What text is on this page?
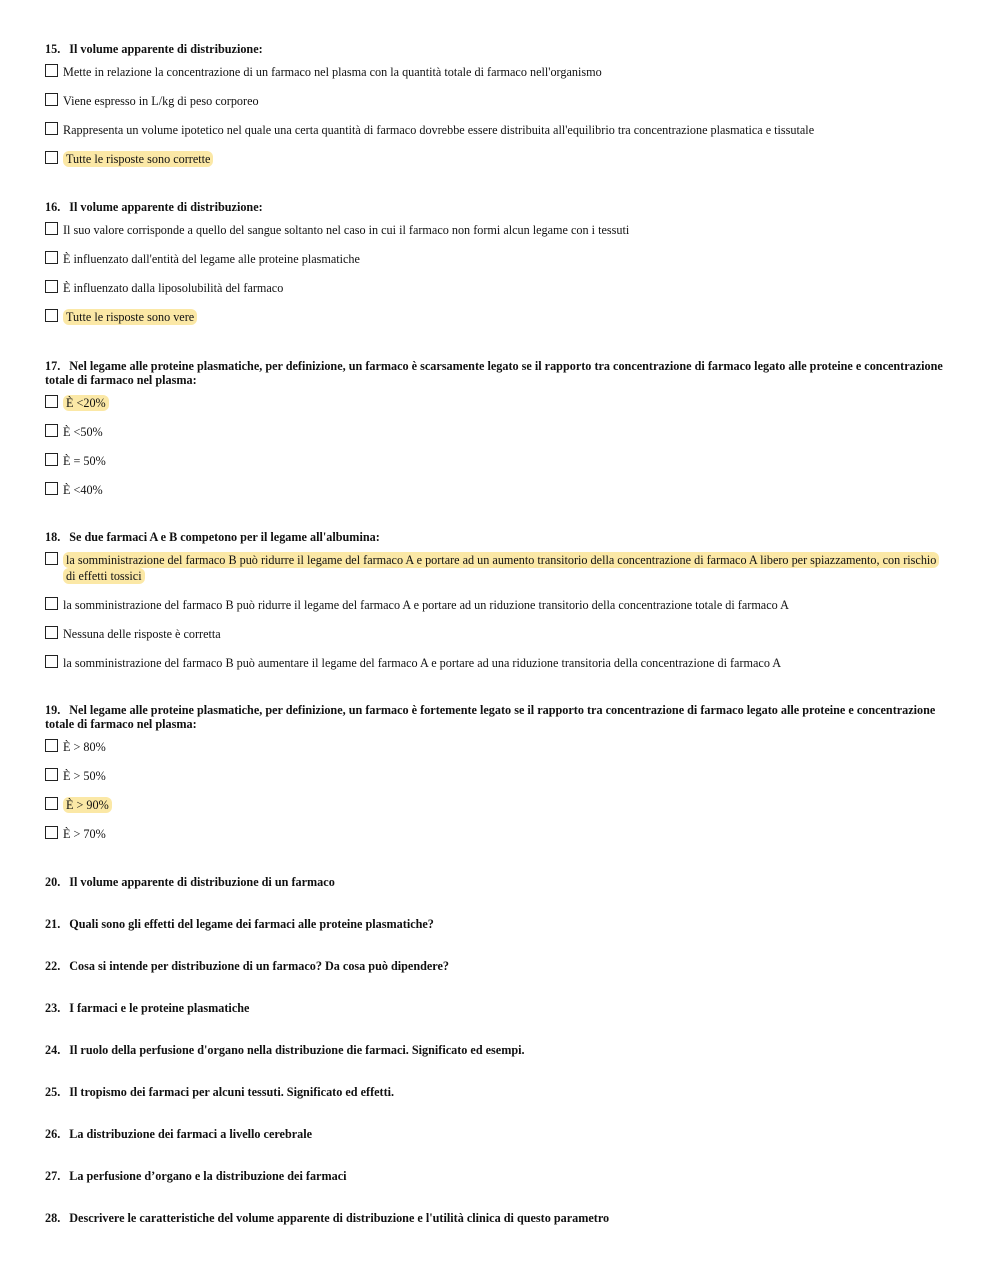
15. Il volume apparente di distribuzione:
Mette in relazione la concentrazione di un farmaco nel plasma con la quantità totale di farmaco nell'organismo
Viene espresso in L/kg di peso corporeo
Rappresenta un volume ipotetico nel quale una certa quantità di farmaco dovrebbe essere distribuita all'equilibrio tra concentrazione plasmatica e tissutale
Tutte le risposte sono corrette
16. Il volume apparente di distribuzione:
Il suo valore corrisponde a quello del sangue soltanto nel caso in cui il farmaco non formi alcun legame con i tessuti
È influenzato dall'entità del legame alle proteine plasmatiche
È influenzato dalla liposolubilità del farmaco
Tutte le risposte sono vere
17. Nel legame alle proteine plasmatiche, per definizione, un farmaco è scarsamente legato se il rapporto tra concentrazione di farmaco legato alle proteine e concentrazione totale di farmaco nel plasma:
È <20%
È <50%
È = 50%
È <40%
18. Se due farmaci A e B competono per il legame all'albumina:
la somministrazione del farmaco B può ridurre il legame del farmaco A e portare ad un aumento transitorio della concentrazione di farmaco A libero per spiazzamento, con rischio di effetti tossici
la somministrazione del farmaco B può ridurre il legame del farmaco A e portare ad un riduzione transitorio della concentrazione totale di farmaco A
Nessuna delle risposte è corretta
la somministrazione del farmaco B può aumentare il legame del farmaco A e portare ad una riduzione transitoria della concentrazione di farmaco A
19. Nel legame alle proteine plasmatiche, per definizione, un farmaco è fortemente legato se il rapporto tra concentrazione di farmaco legato alle proteine e concentrazione totale di farmaco nel plasma:
È > 80%
È > 50%
È > 90%
È > 70%
20. Il volume apparente di distribuzione di un farmaco
21. Quali sono gli effetti del legame dei farmaci alle proteine plasmatiche?
22. Cosa si intende per distribuzione di un farmaco? Da cosa può dipendere?
23. I farmaci e le proteine plasmatiche
24. Il ruolo della perfusione d'organo nella distribuzione die farmaci. Significato ed esempi.
25. Il tropismo dei farmaci per alcuni tessuti. Significato ed effetti.
26. La distribuzione dei farmaci a livello cerebrale
27. La perfusione d’organo e la distribuzione dei farmaci
28. Descrivere le caratteristiche del volume apparente di distribuzione e l'utilità clinica di questo parametro
